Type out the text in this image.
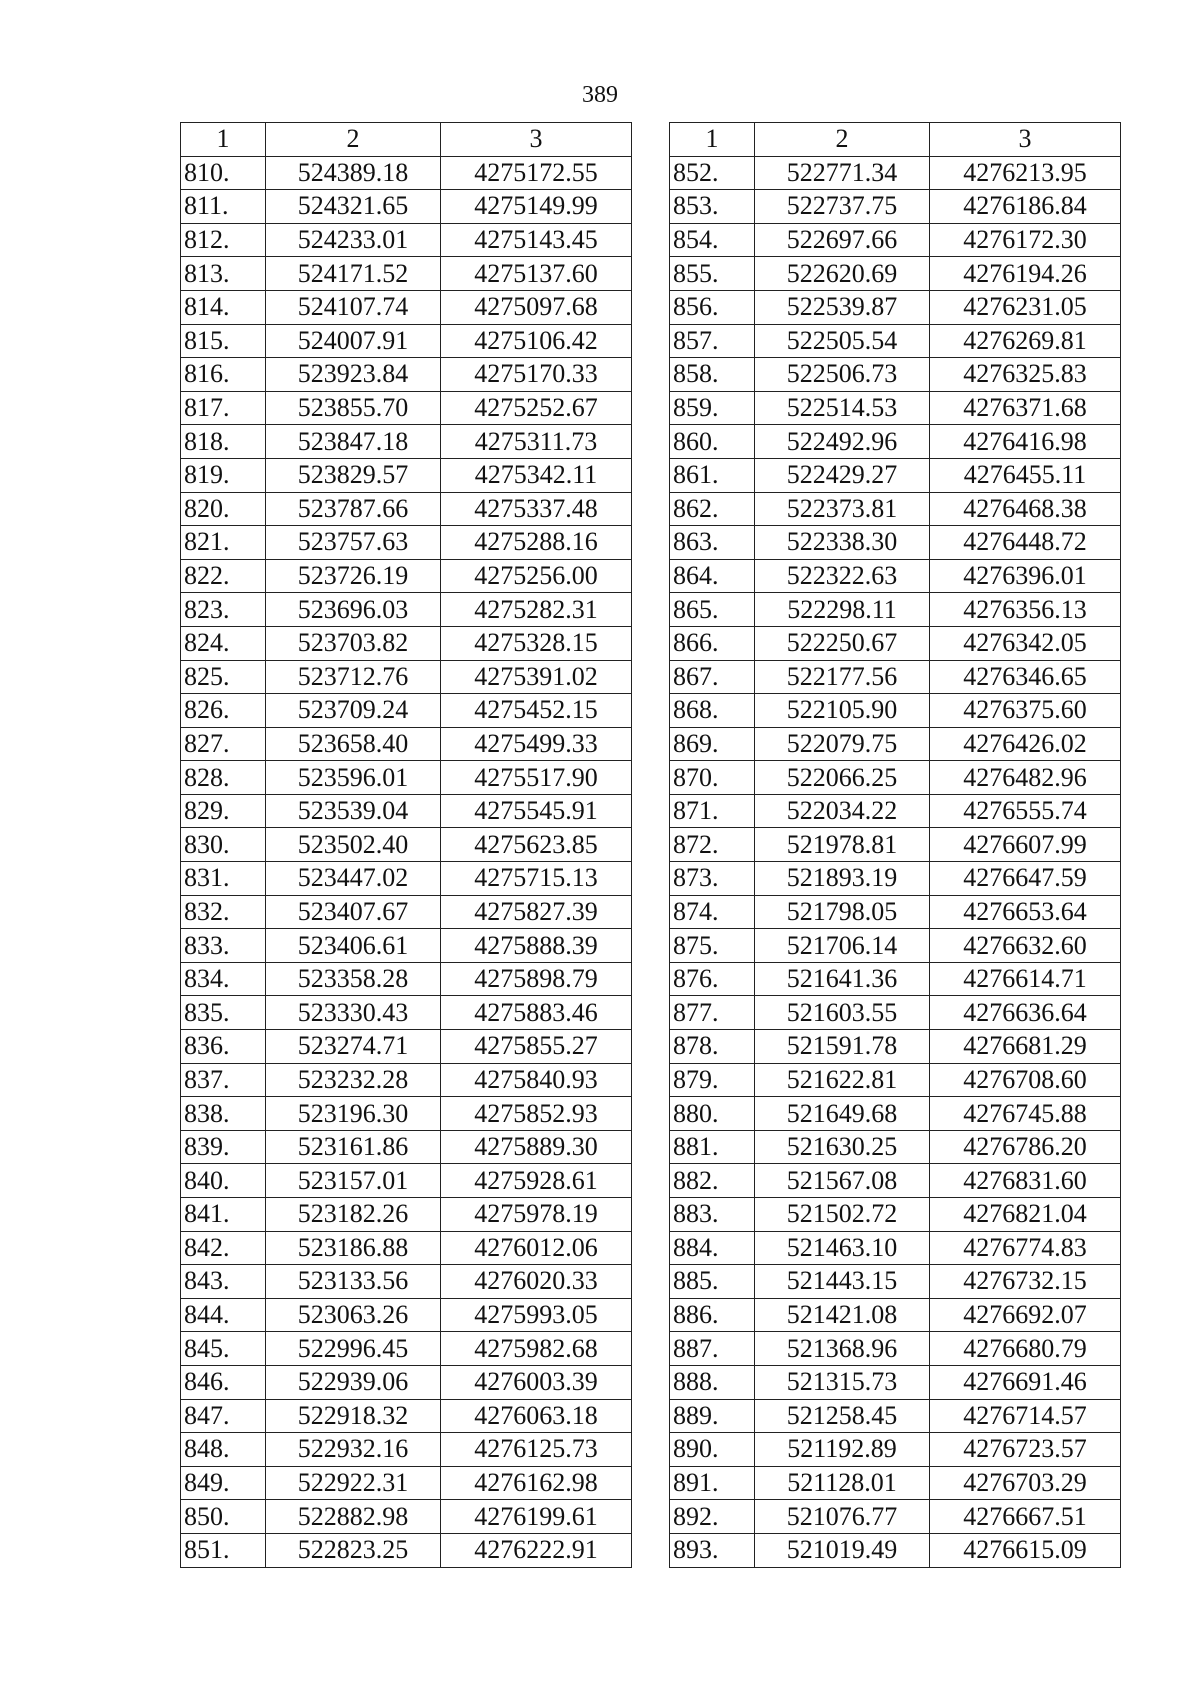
389
1	2	3
810.	524389.18	4275172.55
811.	524321.65	4275149.99
812.	524233.01	4275143.45
813.	524171.52	4275137.60
814.	524107.74	4275097.68
815.	524007.91	4275106.42
816.	523923.84	4275170.33
817.	523855.70	4275252.67
818.	523847.18	4275311.73
819.	523829.57	4275342.11
820.	523787.66	4275337.48
821.	523757.63	4275288.16
822.	523726.19	4275256.00
823.	523696.03	4275282.31
824.	523703.82	4275328.15
825.	523712.76	4275391.02
826.	523709.24	4275452.15
827.	523658.40	4275499.33
828.	523596.01	4275517.90
829.	523539.04	4275545.91
830.	523502.40	4275623.85
831.	523447.02	4275715.13
832.	523407.67	4275827.39
833.	523406.61	4275888.39
834.	523358.28	4275898.79
835.	523330.43	4275883.46
836.	523274.71	4275855.27
837.	523232.28	4275840.93
838.	523196.30	4275852.93
839.	523161.86	4275889.30
840.	523157.01	4275928.61
841.	523182.26	4275978.19
842.	523186.88	4276012.06
843.	523133.56	4276020.33
844.	523063.26	4275993.05
845.	522996.45	4275982.68
846.	522939.06	4276003.39
847.	522918.32	4276063.18
848.	522932.16	4276125.73
849.	522922.31	4276162.98
850.	522882.98	4276199.61
851.	522823.25	4276222.91
1	2	3
852.	522771.34	4276213.95
853.	522737.75	4276186.84
854.	522697.66	4276172.30
855.	522620.69	4276194.26
856.	522539.87	4276231.05
857.	522505.54	4276269.81
858.	522506.73	4276325.83
859.	522514.53	4276371.68
860.	522492.96	4276416.98
861.	522429.27	4276455.11
862.	522373.81	4276468.38
863.	522338.30	4276448.72
864.	522322.63	4276396.01
865.	522298.11	4276356.13
866.	522250.67	4276342.05
867.	522177.56	4276346.65
868.	522105.90	4276375.60
869.	522079.75	4276426.02
870.	522066.25	4276482.96
871.	522034.22	4276555.74
872.	521978.81	4276607.99
873.	521893.19	4276647.59
874.	521798.05	4276653.64
875.	521706.14	4276632.60
876.	521641.36	4276614.71
877.	521603.55	4276636.64
878.	521591.78	4276681.29
879.	521622.81	4276708.60
880.	521649.68	4276745.88
881.	521630.25	4276786.20
882.	521567.08	4276831.60
883.	521502.72	4276821.04
884.	521463.10	4276774.83
885.	521443.15	4276732.15
886.	521421.08	4276692.07
887.	521368.96	4276680.79
888.	521315.73	4276691.46
889.	521258.45	4276714.57
890.	521192.89	4276723.57
891.	521128.01	4276703.29
892.	521076.77	4276667.51
893.	521019.49	4276615.09
